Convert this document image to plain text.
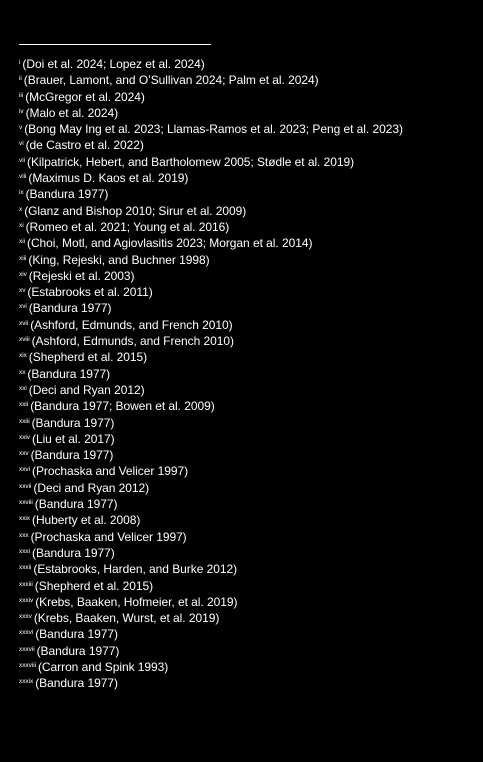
$^i$ (Doi et al. 2024; Lopez et al. 2024)
$^{ii}$ (Brauer, Lamont, and O’Sullivan 2024; Palm et al. 2024)
$^{iii}$ (McGregor et al. 2024)
$^{iv}$ (Malo et al. 2024)
$^v$ (Bong May Ing et al. 2023; Llamas-Ramos et al. 2023; Peng et al. 2023)
$^{vi}$ (de Castro et al. 2022)
$^{vii}$ (Kilpatrick, Hebert, and Bartholomew 2005; Stødle et al. 2019)
$^{viii}$ (Maximus D. Kaos et al. 2019)
$^{ix}$ (Bandura 1977)
$^x$ (Glanz and Bishop 2010; Sirur et al. 2009)
$^{xi}$ (Romeo et al. 2021; Young et al. 2016)
$^{xii}$ (Choi, Motl, and Agiovlasitis 2023; Morgan et al. 2014)
$^{xiii}$ (King, Rejeski, and Buchner 1998)
$^{xiv}$ (Rejeski et al. 2003)
$^{xv}$ (Estabrooks et al. 2011)
$^{xvi}$ (Bandura 1977)
$^{xvii}$ (Ashford, Edmunds, and French 2010)
$^{xviii}$ (Ashford, Edmunds, and French 2010)
$^{xix}$ (Shepherd et al. 2015)
$^{xx}$ (Bandura 1977)
$^{xxi}$ (Deci and Ryan 2012)
$^{xxii}$ (Bandura 1977; Bowen et al. 2009)
$^{xxiii}$ (Bandura 1977)
$^{xxiv}$ (Liu et al. 2017)
$^{xxv}$ (Bandura 1977)
$^{xxvi}$ (Prochaska and Velicer 1997)
$^{xxvii}$ (Deci and Ryan 2012)
$^{xxviii}$ (Bandura 1977)
$^{xxix}$ (Huberty et al. 2008)
$^{xxx}$ (Prochaska and Velicer 1997)
$^{xxxi}$ (Bandura 1977)
$^{xxxii}$ (Estabrooks, Harden, and Burke 2012)
$^{xxxiii}$ (Shepherd et al. 2015)
$^{xxxiv}$ (Krebs, Baaken, Hofmeier, et al. 2019)
$^{xxxv}$ (Krebs, Baaken, Wurst, et al. 2019)
$^{xxxvi}$ (Bandura 1977)
$^{xxxvii}$ (Bandura 1977)
$^{xxxviii}$ (Carron and Spink 1993)
$^{xxxix}$ (Bandura 1977)
